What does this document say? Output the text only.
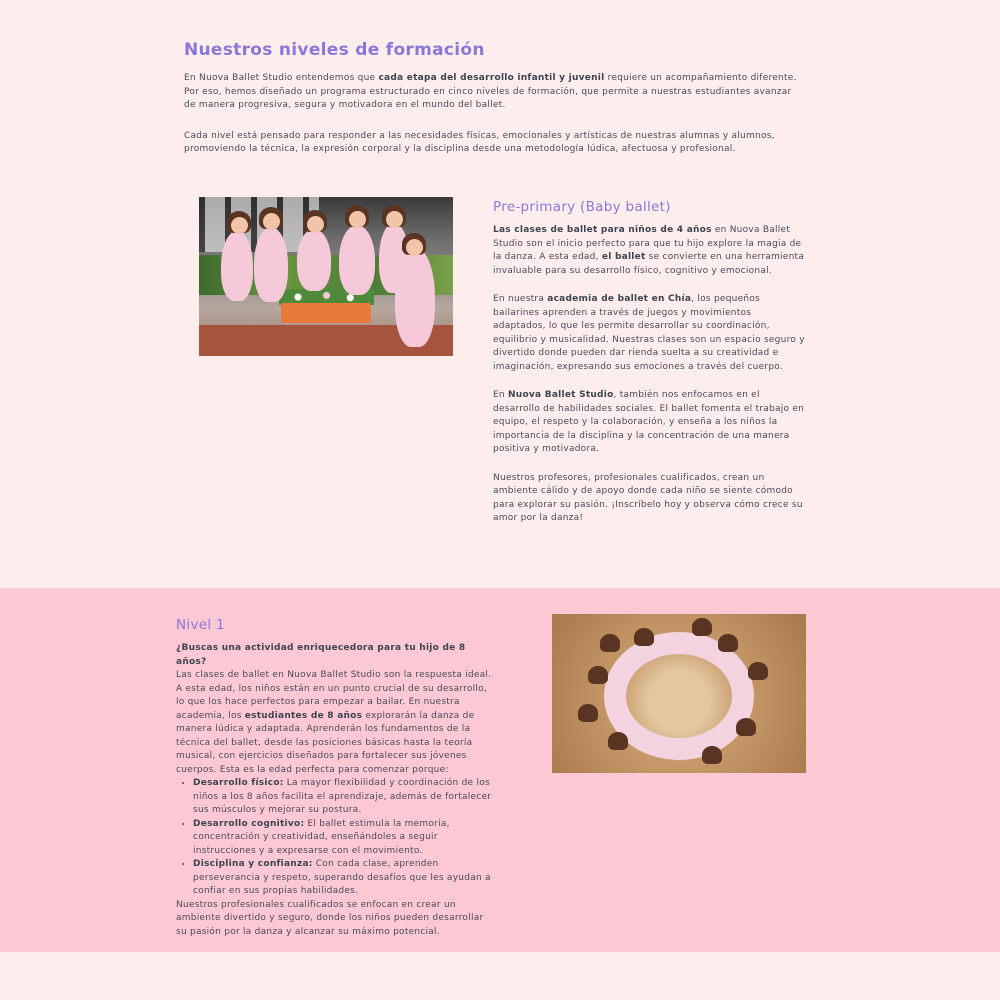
Nuestros niveles de formación

En Nuova Ballet Studio entendemos que cada etapa del desarrollo infantil y juvenil requiere un acompañamiento diferente. Por eso, hemos diseñado un programa estructurado en cinco niveles de formación, que permite a nuestras estudiantes avanzar de manera progresiva, segura y motivadora en el mundo del ballet.

Cada nivel está pensado para responder a las necesidades físicas, emocionales y artísticas de nuestras alumnas y alumnos, promoviendo la técnica, la expresión corporal y la disciplina desde una metodología lúdica, afectuosa y profesional.

Pre-primary (Baby ballet)

Las clases de ballet para niños de 4 años en Nuova Ballet Studio son el inicio perfecto para que tu hijo explore la magia de la danza. A esta edad, el ballet se convierte en una herramienta invaluable para su desarrollo físico, cognitivo y emocional.

En nuestra academia de ballet en Chía, los pequeños bailarines aprenden a través de juegos y movimientos adaptados, lo que les permite desarrollar su coordinación, equilibrio y musicalidad. Nuestras clases son un espacio seguro y divertido donde pueden dar rienda suelta a su creatividad e imaginación, expresando sus emociones a través del cuerpo.

En Nuova Ballet Studio, también nos enfocamos en el desarrollo de habilidades sociales. El ballet fomenta el trabajo en equipo, el respeto y la colaboración, y enseña a los niños la importancia de la disciplina y la concentración de una manera positiva y motivadora.

Nuestros profesores, profesionales cualificados, crean un ambiente cálido y de apoyo donde cada niño se siente cómodo para explorar su pasión. ¡Inscríbelo hoy y observa cómo crece su amor por la danza!

Nivel 1

¿Buscas una actividad enriquecedora para tu hijo de 8 años?
Las clases de ballet en Nuova Ballet Studio son la respuesta ideal. A esta edad, los niños están en un punto crucial de su desarrollo, lo que los hace perfectos para empezar a bailar. En nuestra academia, los estudiantes de 8 años explorarán la danza de manera lúdica y adaptada. Aprenderán los fundamentos de la técnica del ballet, desde las posiciones básicas hasta la teoría musical, con ejercicios diseñados para fortalecer sus jóvenes cuerpos. Esta es la edad perfecta para comenzar porque:

• Desarrollo físico: La mayor flexibilidad y coordinación de los niños a los 8 años facilita el aprendizaje, además de fortalecer sus músculos y mejorar su postura.
• Desarrollo cognitivo: El ballet estimula la memoria, concentración y creatividad, enseñándoles a seguir instrucciones y a expresarse con el movimiento.
• Disciplina y confianza: Con cada clase, aprenden perseverancia y respeto, superando desafíos que les ayudan a confiar en sus propias habilidades.

Nuestros profesionales cualificados se enfocan en crear un ambiente divertido y seguro, donde los niños pueden desarrollar su pasión por la danza y alcanzar su máximo potencial.
